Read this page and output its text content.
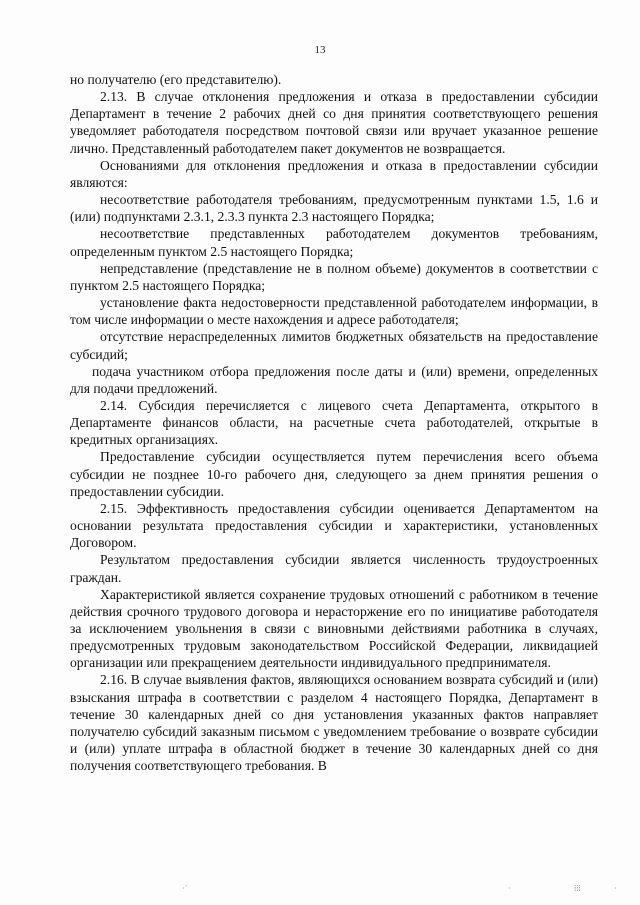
13

но получателю (его представителю).

2.13. В случае отклонения предложения и отказа в предоставлении субсидии Департамент в течение 2 рабочих дней со дня принятия соответствующего решения уведомляет работодателя посредством почтовой связи или вручает указанное решение лично. Представленный работодателем пакет документов не возвращается.

Основаниями для отклонения предложения и отказа в предоставлении субсидии являются:

несоответствие работодателя требованиям, предусмотренным пунктами 1.5, 1.6 и (или) подпунктами 2.3.1, 2.3.3 пункта 2.3 настоящего Порядка;

несоответствие представленных работодателем документов требованиям, определенным пунктом 2.5 настоящего Порядка;

непредставление (представление не в полном объеме) документов в соответствии с пунктом 2.5 настоящего Порядка;

установление факта недостоверности представленной работодателем информации, в том числе информации о месте нахождения и адресе работодателя;

отсутствие нераспределенных лимитов бюджетных обязательств на предоставление субсидий;

подача участником отбора предложения после даты и (или) времени, определенных для подачи предложений.

2.14. Субсидия перечисляется с лицевого счета Департамента, открытого в Департаменте финансов области, на расчетные счета работодателей, открытые в кредитных организациях.

Предоставление субсидии осуществляется путем перечисления всего объема субсидии не позднее 10-го рабочего дня, следующего за днем принятия решения о предоставлении субсидии.

2.15. Эффективность предоставления субсидии оценивается Департаментом на основании результата предоставления субсидии и характеристики, установленных Договором.

Результатом предоставления субсидии является численность трудоустроенных граждан.

Характеристикой является сохранение трудовых отношений с работником в течение действия срочного трудового договора и нерасторжение его по инициативе работодателя за исключением увольнения в связи с виновными действиями работника в случаях, предусмотренных трудовым законодательством Российской Федерации, ликвидацией организации или прекращением деятельности индивидуального предпринимателя.

2.16. В случае выявления фактов, являющихся основанием возврата субсидий и (или) взыскания штрафа в соответствии с разделом 4 настоящего Порядка, Департамент в течение 30 календарных дней со дня установления указанных фактов направляет получателю субсидий заказным письмом с уведомлением требование о возврате субсидии и (или) уплате штрафа в областной бюджет в течение 30 календарных дней со дня получения соответствующего требования. В

·´	·	⁞⁞⁞	·
